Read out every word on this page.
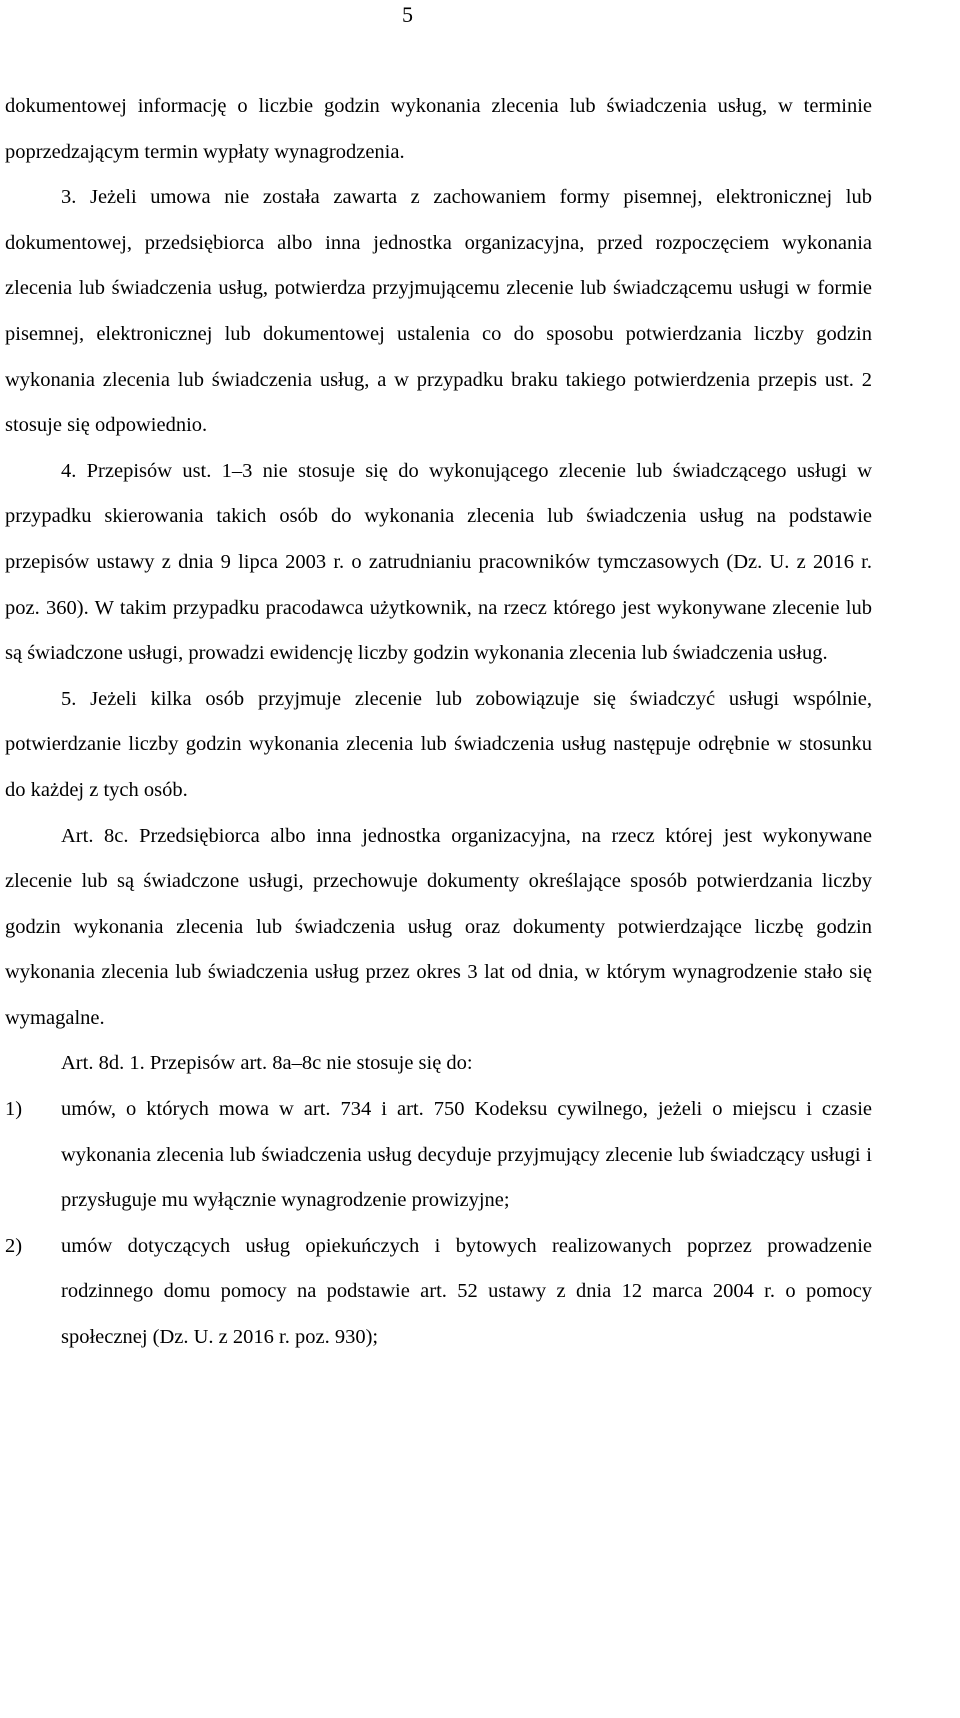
5

dokumentowej informację o liczbie godzin wykonania zlecenia lub świadczenia usług, w terminie poprzedzającym termin wypłaty wynagrodzenia.

3. Jeżeli umowa nie została zawarta z zachowaniem formy pisemnej, elektronicznej lub dokumentowej, przedsiębiorca albo inna jednostka organizacyjna, przed rozpoczęciem wykonania zlecenia lub świadczenia usług, potwierdza przyjmującemu zlecenie lub świadczącemu usługi w formie pisemnej, elektronicznej lub dokumentowej ustalenia co do sposobu potwierdzania liczby godzin wykonania zlecenia lub świadczenia usług, a w przypadku braku takiego potwierdzenia przepis ust. 2 stosuje się odpowiednio.

4. Przepisów ust. 1–3 nie stosuje się do wykonującego zlecenie lub świadczącego usługi w przypadku skierowania takich osób do wykonania zlecenia lub świadczenia usług na podstawie przepisów ustawy z dnia 9 lipca 2003 r. o zatrudnianiu pracowników tymczasowych (Dz. U. z 2016 r. poz. 360). W takim przypadku pracodawca użytkownik, na rzecz którego jest wykonywane zlecenie lub są świadczone usługi, prowadzi ewidencję liczby godzin wykonania zlecenia lub świadczenia usług.

5. Jeżeli kilka osób przyjmuje zlecenie lub zobowiązuje się świadczyć usługi wspólnie, potwierdzanie liczby godzin wykonania zlecenia lub świadczenia usług następuje odrębnie w stosunku do każdej z tych osób.

Art. 8c. Przedsiębiorca albo inna jednostka organizacyjna, na rzecz której jest wykonywane zlecenie lub są świadczone usługi, przechowuje dokumenty określające sposób potwierdzania liczby godzin wykonania zlecenia lub świadczenia usług oraz dokumenty potwierdzające liczbę godzin wykonania zlecenia lub świadczenia usług przez okres 3 lat od dnia, w którym wynagrodzenie stało się wymagalne.

Art. 8d. 1. Przepisów art. 8a–8c nie stosuje się do:

1)	umów, o których mowa w art. 734 i art. 750 Kodeksu cywilnego, jeżeli o miejscu i czasie wykonania zlecenia lub świadczenia usług decyduje przyjmujący zlecenie lub świadczący usługi i przysługuje mu wyłącznie wynagrodzenie prowizyjne;
2)	umów dotyczących usług opiekuńczych i bytowych realizowanych poprzez prowadzenie rodzinnego domu pomocy na podstawie art. 52 ustawy z dnia 12 marca 2004 r. o pomocy społecznej (Dz. U. z 2016 r. poz. 930);
